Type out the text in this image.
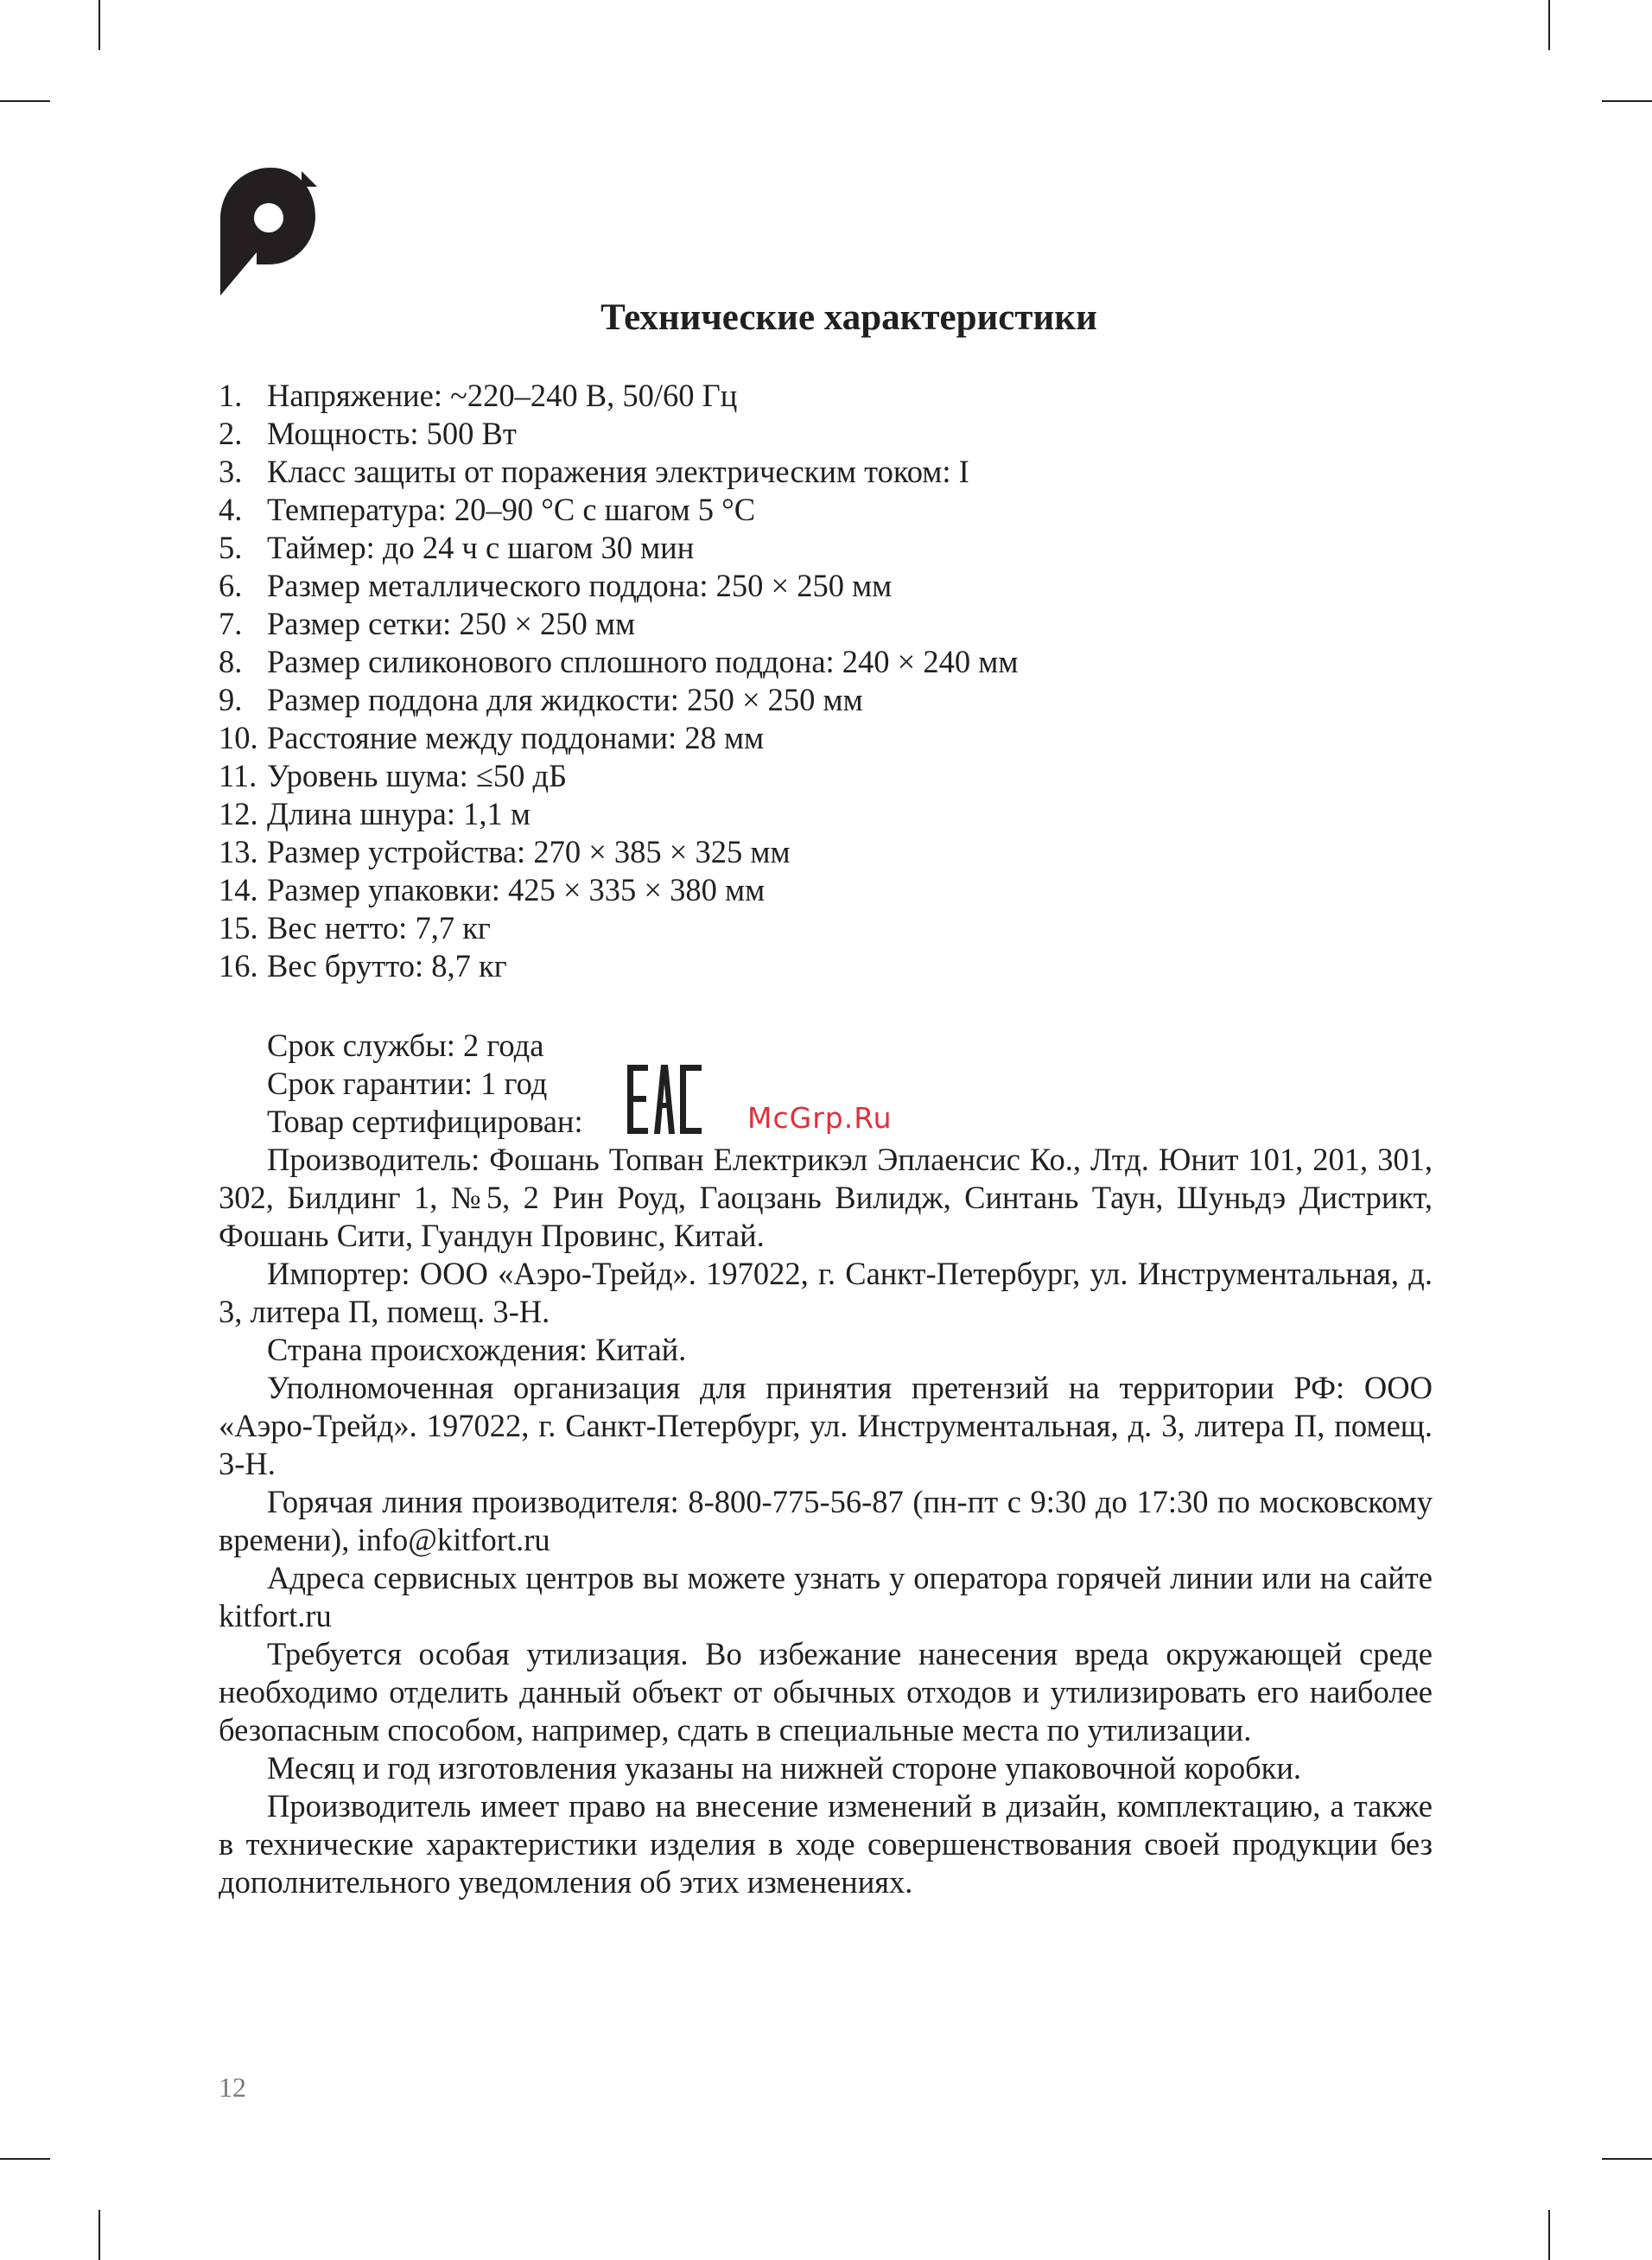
Технические характеристики
1. Напряжение: ~220–240 В, 50/60 Гц
2. Мощность: 500 Вт
3. Класс защиты от поражения электрическим током: I
4. Температура: 20–90 °C с шагом 5 °C
5. Таймер: до 24 ч с шагом 30 мин
6. Размер металлического поддона: 250 × 250 мм
7. Размер сетки: 250 × 250 мм
8. Размер силиконового сплошного поддона: 240 × 240 мм
9. Размер поддона для жидкости: 250 × 250 мм
10. Расстояние между поддонами: 28 мм
11. Уровень шума: ≤50 дБ
12. Длина шнура: 1,1 м
13. Размер устройства: 270 × 385 × 325 мм
14. Размер упаковки: 425 × 335 × 380 мм
15. Вес нетто: 7,7 кг
16. Вес брутто: 8,7 кг
Срок службы: 2 года
Срок гарантии: 1 год
Товар сертифицирован:	McGrp.Ru

Производитель: Фошань Топван Електрикэл Эплаенсис Ко., Лтд. Юнит 101, 201, 301, 302, Билдинг 1, №5, 2 Рин Роуд, Гаоцзань Вилидж, Синтань Таун, Шуньдэ Дистрикт, Фошань Сити, Гуандун Провинс, Китай.

Импортер: ООО «Аэро-Трейд». 197022, г. Санкт-Петербург, ул. Инструментальная, д. 3, литера П, помещ. 3-Н.

Страна происхождения: Китай.

Уполномоченная организация для принятия претензий на территории РФ: ООО «Аэро-Трейд». 197022, г. Санкт-Петербург, ул. Инструментальная, д. 3, литера П, помещ. 3-Н.

Горячая линия производителя: 8-800-775-56-87 (пн-пт с 9:30 до 17:30 по московскому времени), info@kitfort.ru

Адреса сервисных центров вы можете узнать у оператора горячей линии или на сайте kitfort.ru

Требуется особая утилизация. Во избежание нанесения вреда окружающей среде необходимо отделить данный объект от обычных отходов и утилизировать его наиболее безопасным способом, например, сдать в специальные места по утилизации.

Месяц и год изготовления указаны на нижней стороне упаковочной коробки.

Производитель имеет право на внесение изменений в дизайн, комплектацию, а также в технические характеристики изделия в ходе совершенствования своей продукции без дополнительного уведомления об этих изменениях.

12
